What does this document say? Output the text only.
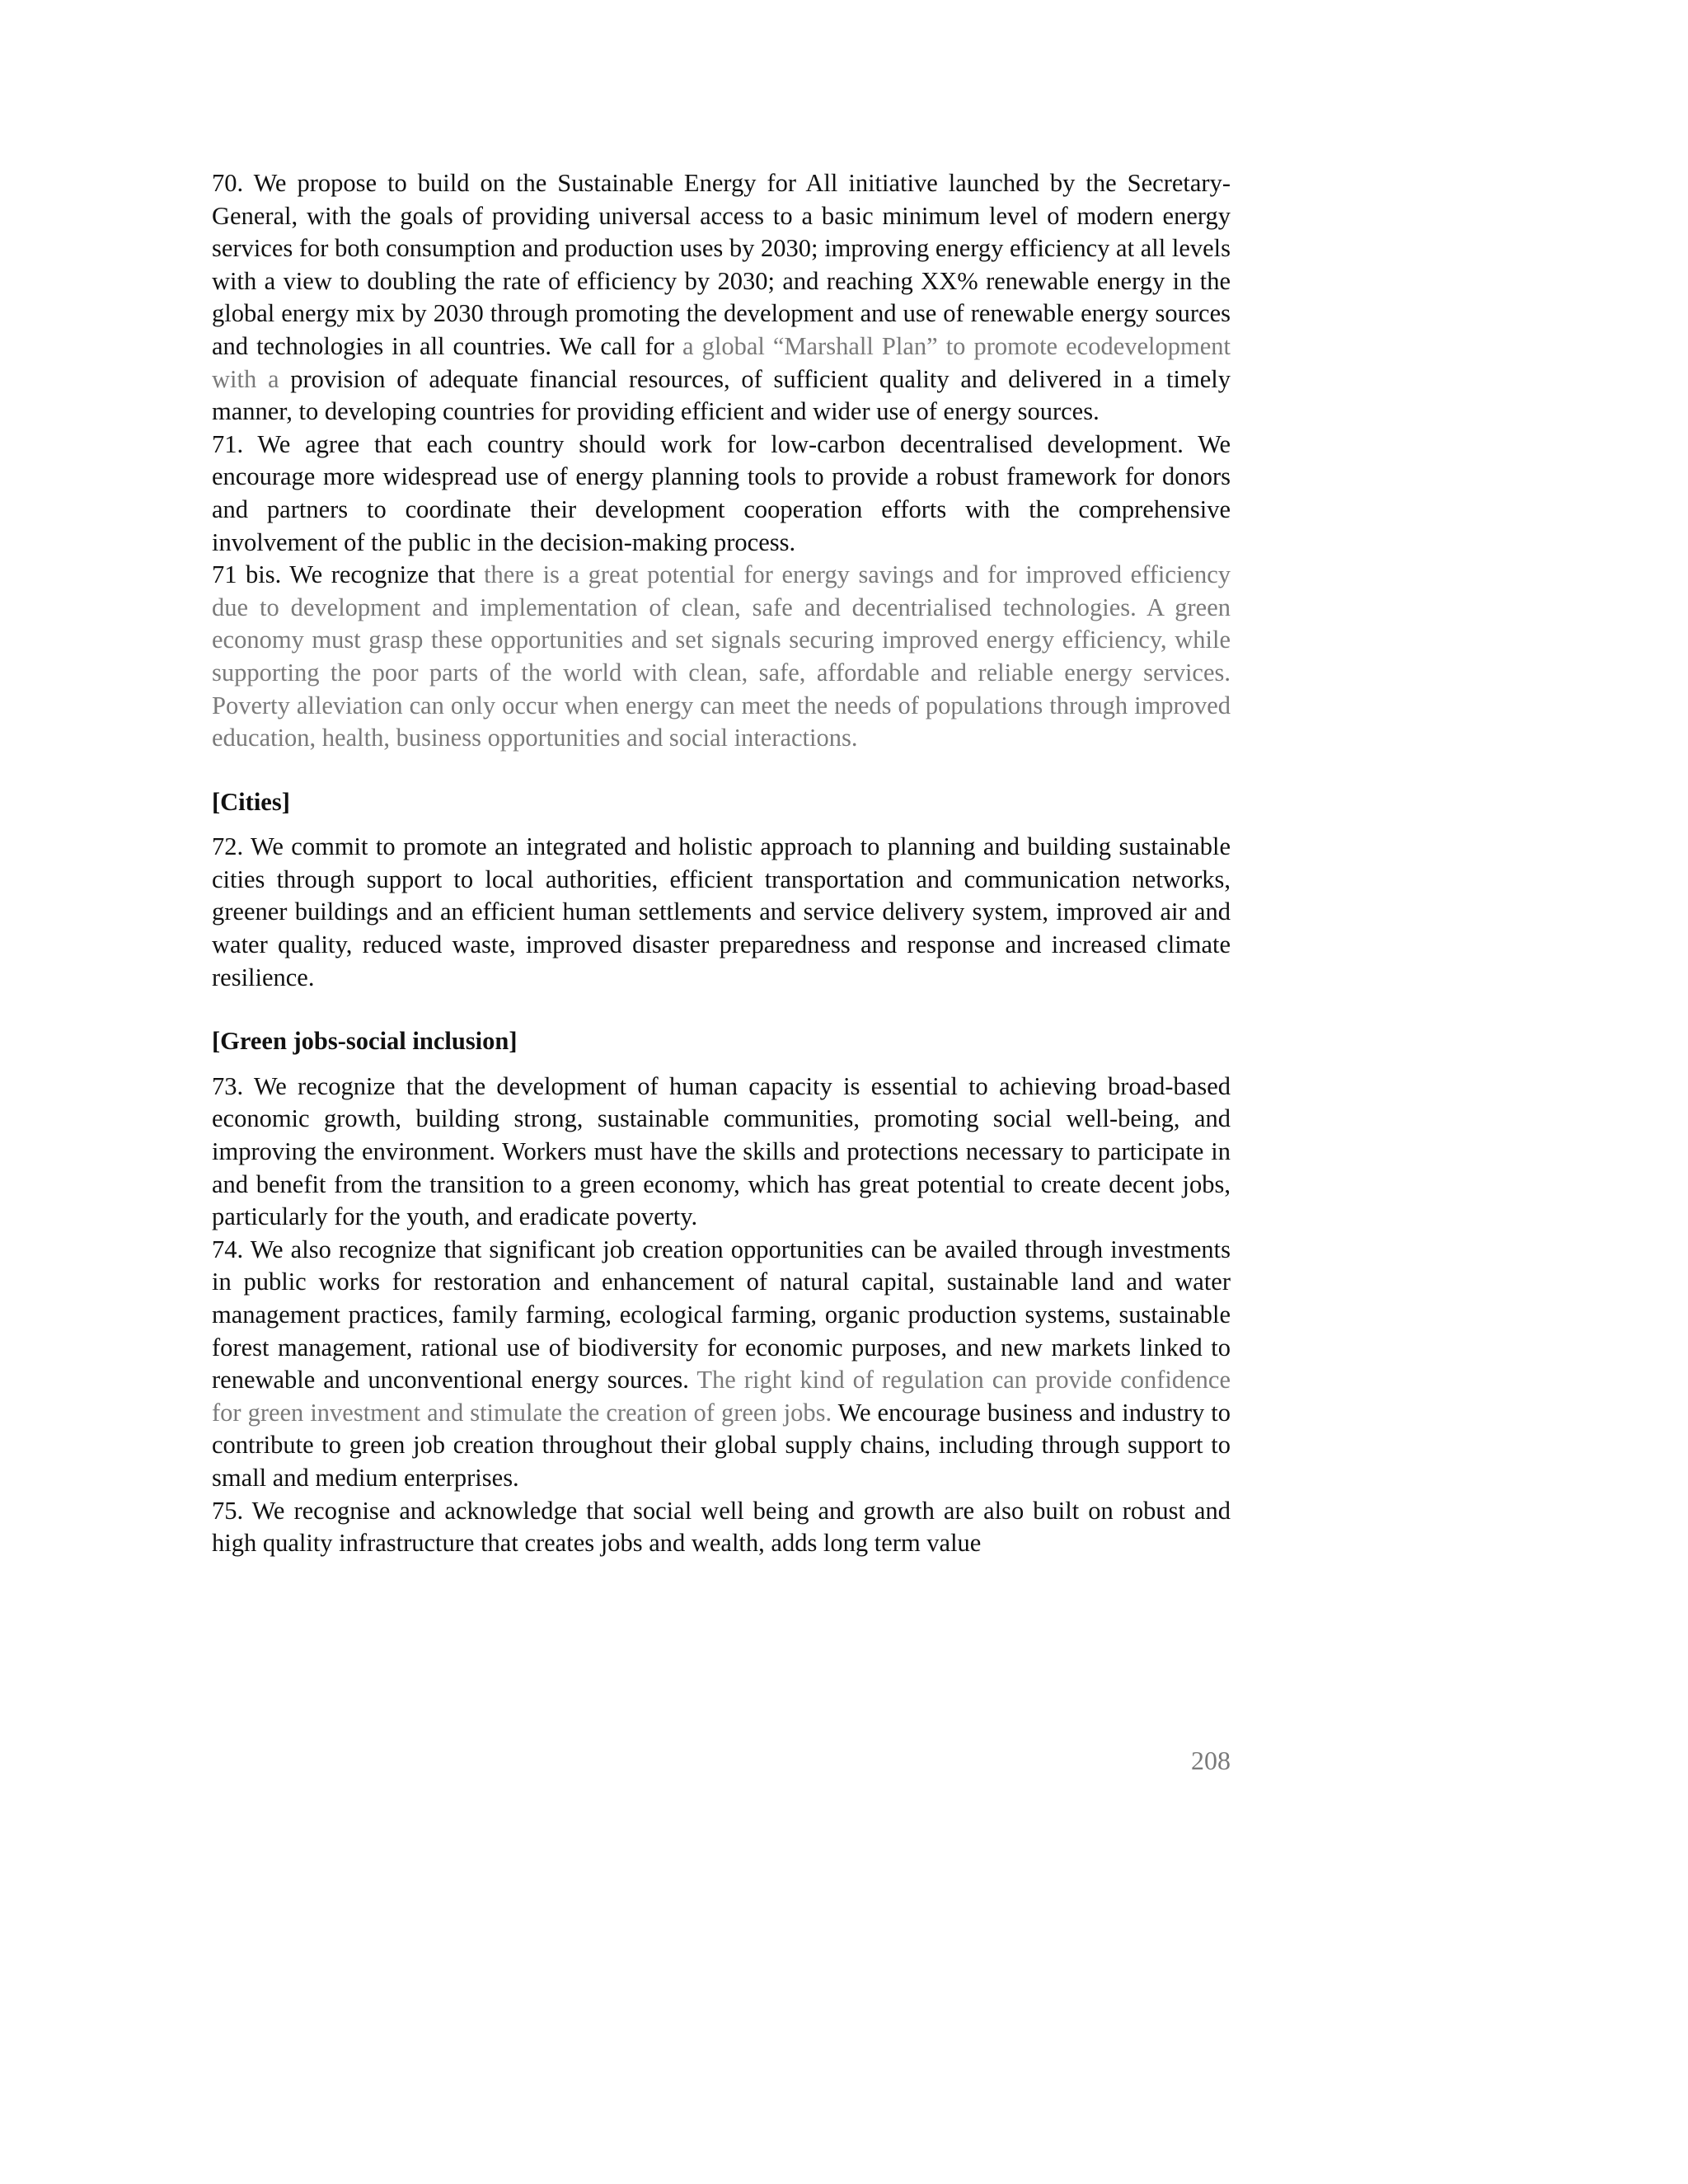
70. We propose to build on the Sustainable Energy for All initiative launched by the Secretary-General, with the goals of providing universal access to a basic minimum level of modern energy services for both consumption and production uses by 2030; improving energy efficiency at all levels with a view to doubling the rate of efficiency by 2030; and reaching XX% renewable energy in the global energy mix by 2030 through promoting the development and use of renewable energy sources and technologies in all countries. We call for a global “Marshall Plan” to promote ecodevelopment with a provision of adequate financial resources, of sufficient quality and delivered in a timely manner, to developing countries for providing efficient and wider use of energy sources.

71. We agree that each country should work for low-carbon decentralised development. We encourage more widespread use of energy planning tools to provide a robust framework for donors and partners to coordinate their development cooperation efforts with the comprehensive involvement of the public in the decision-making process.

71 bis. We recognize that there is a great potential for energy savings and for improved efficiency due to development and implementation of clean, safe and decentrialised technologies. A green economy must grasp these opportunities and set signals securing improved energy efficiency, while supporting the poor parts of the world with clean, safe, affordable and reliable energy services. Poverty alleviation can only occur when energy can meet the needs of populations through improved education, health, business opportunities and social interactions.

[Cities]

72. We commit to promote an integrated and holistic approach to planning and building sustainable cities through support to local authorities, efficient transportation and communication networks, greener buildings and an efficient human settlements and service delivery system, improved air and water quality, reduced waste, improved disaster preparedness and response and increased climate resilience.

[Green jobs-social inclusion]

73. We recognize that the development of human capacity is essential to achieving broad-based economic growth, building strong, sustainable communities, promoting social well-being, and improving the environment. Workers must have the skills and protections necessary to participate in and benefit from the transition to a green economy, which has great potential to create decent jobs, particularly for the youth, and eradicate poverty.

74. We also recognize that significant job creation opportunities can be availed through investments in public works for restoration and enhancement of natural capital, sustainable land and water management practices, family farming, ecological farming, organic production systems, sustainable forest management, rational use of biodiversity for economic purposes, and new markets linked to renewable and unconventional energy sources. The right kind of regulation can provide confidence for green investment and stimulate the creation of green jobs. We encourage business and industry to contribute to green job creation throughout their global supply chains, including through support to small and medium enterprises.

75. We recognise and acknowledge that social well being and growth are also built on robust and high quality infrastructure that creates jobs and wealth, adds long term value

208
